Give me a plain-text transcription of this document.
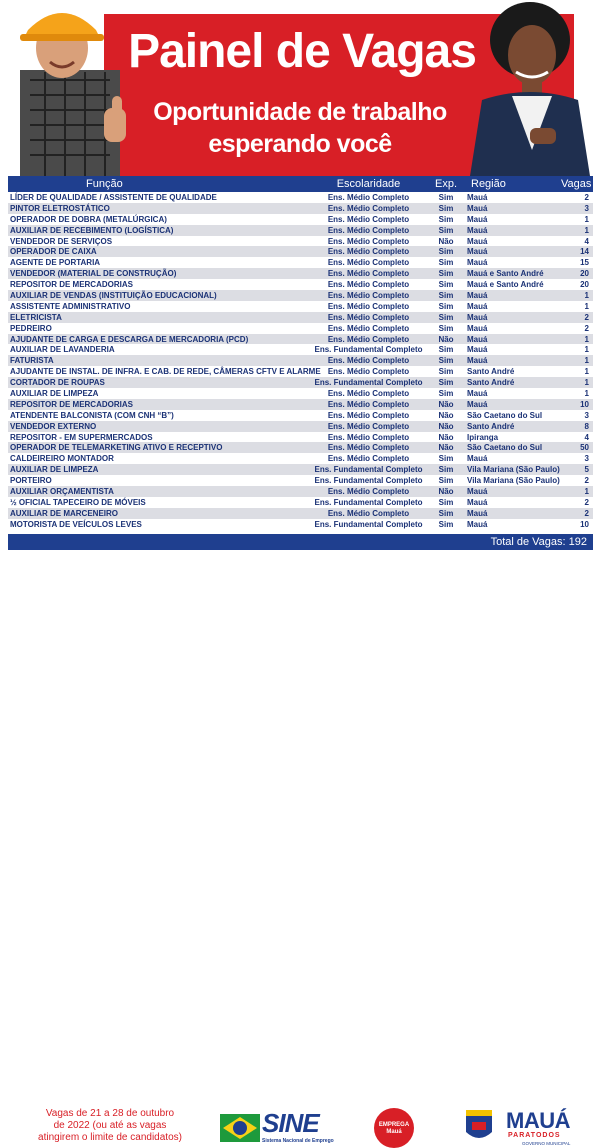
Painel de Vagas
Oportunidade de trabalho
esperando você
Função	Escolaridade	Exp.	Região	Vagas
LÍDER DE QUALIDADE / ASSISTENTE DE QUALIDADE	Ens. Médio Completo	Sim	Mauá	2
PINTOR ELETROSTÁTICO	Ens. Médio Completo	Sim	Mauá	3
OPERADOR DE DOBRA (METALÚRGICA)	Ens. Médio Completo	Sim	Mauá	1
AUXILIAR DE RECEBIMENTO (LOGÍSTICA)	Ens. Médio Completo	Sim	Mauá	1
VENDEDOR DE SERVIÇOS	Ens. Médio Completo	Não	Mauá	4
OPERADOR DE CAIXA	Ens. Médio Completo	Sim	Mauá	14
AGENTE DE PORTARIA	Ens. Médio Completo	Sim	Mauá	15
VENDEDOR (MATERIAL DE CONSTRUÇÃO)	Ens. Médio Completo	Sim	Mauá e Santo André	20
REPOSITOR DE MERCADORIAS	Ens. Médio Completo	Sim	Mauá e Santo André	20
AUXILIAR DE VENDAS (INSTITUIÇÃO EDUCACIONAL)	Ens. Médio Completo	Sim	Mauá	1
ASSISTENTE ADMINISTRATIVO	Ens. Médio Completo	Sim	Mauá	1
ELETRICISTA	Ens. Médio Completo	Sim	Mauá	2
PEDREIRO	Ens. Médio Completo	Sim	Mauá	2
AJUDANTE DE CARGA E DESCARGA DE MERCADORIA (PCD)	Ens. Médio Completo	Não	Mauá	1
AUXILIAR DE LAVANDERIA	Ens. Fundamental Completo	Sim	Mauá	1
FATURISTA	Ens. Médio Completo	Sim	Mauá	1
AJUDANTE DE INSTAL. DE INFRA. E CAB. DE REDE, CÂMERAS CFTV E ALARME Ens. Médio Completo	Sim	Santo André	1
CORTADOR DE ROUPAS	Ens. Fundamental Completo	Sim	Santo André	1
AUXILIAR DE LIMPEZA	Ens. Médio Completo	Sim	Mauá	1
REPOSITOR DE MERCADORIAS	Ens. Médio Completo	Não	Mauá	10
ATENDENTE BALCONISTA (COM CNH “B”)	Ens. Médio Completo	Não	São Caetano do Sul	3
VENDEDOR EXTERNO	Ens. Médio Completo	Não	Santo André	8
REPOSITOR - EM SUPERMERCADOS	Ens. Médio Completo	Não	Ipiranga	4
OPERADOR DE TELEMARKETING ATIVO E RECEPTIVO	Ens. Médio Completo	Não	São Caetano do Sul	50
CALDEIREIRO MONTADOR	Ens. Médio Completo	Sim	Mauá	3
AUXILIAR DE LIMPEZA	Ens. Fundamental Completo	Sim	Vila Mariana (São Paulo)	5
PORTEIRO	Ens. Fundamental Completo	Sim	Vila Mariana (São Paulo)	2
AUXILIAR ORÇAMENTISTA	Ens. Médio Completo	Não	Mauá	1
½ OFICIAL TAPECEIRO DE MÓVEIS	Ens. Fundamental Completo	Sim	Mauá	2
AUXILIAR DE MARCENEIRO	Ens. Médio Completo	Sim	Mauá	2
MOTORISTA DE VEÍCULOS LEVES	Ens. Fundamental Completo	Sim	Mauá	10
Total de Vagas: 192
Vagas de 21 a 28 de outubro
de 2022 (ou até as vagas
atingirem o limite de candidatos)	SINE
Sistema Nacional de Emprego
EMPREGA
Mauá	MAUÁ
PARATODOS
GOVERNO MUNICIPAL
